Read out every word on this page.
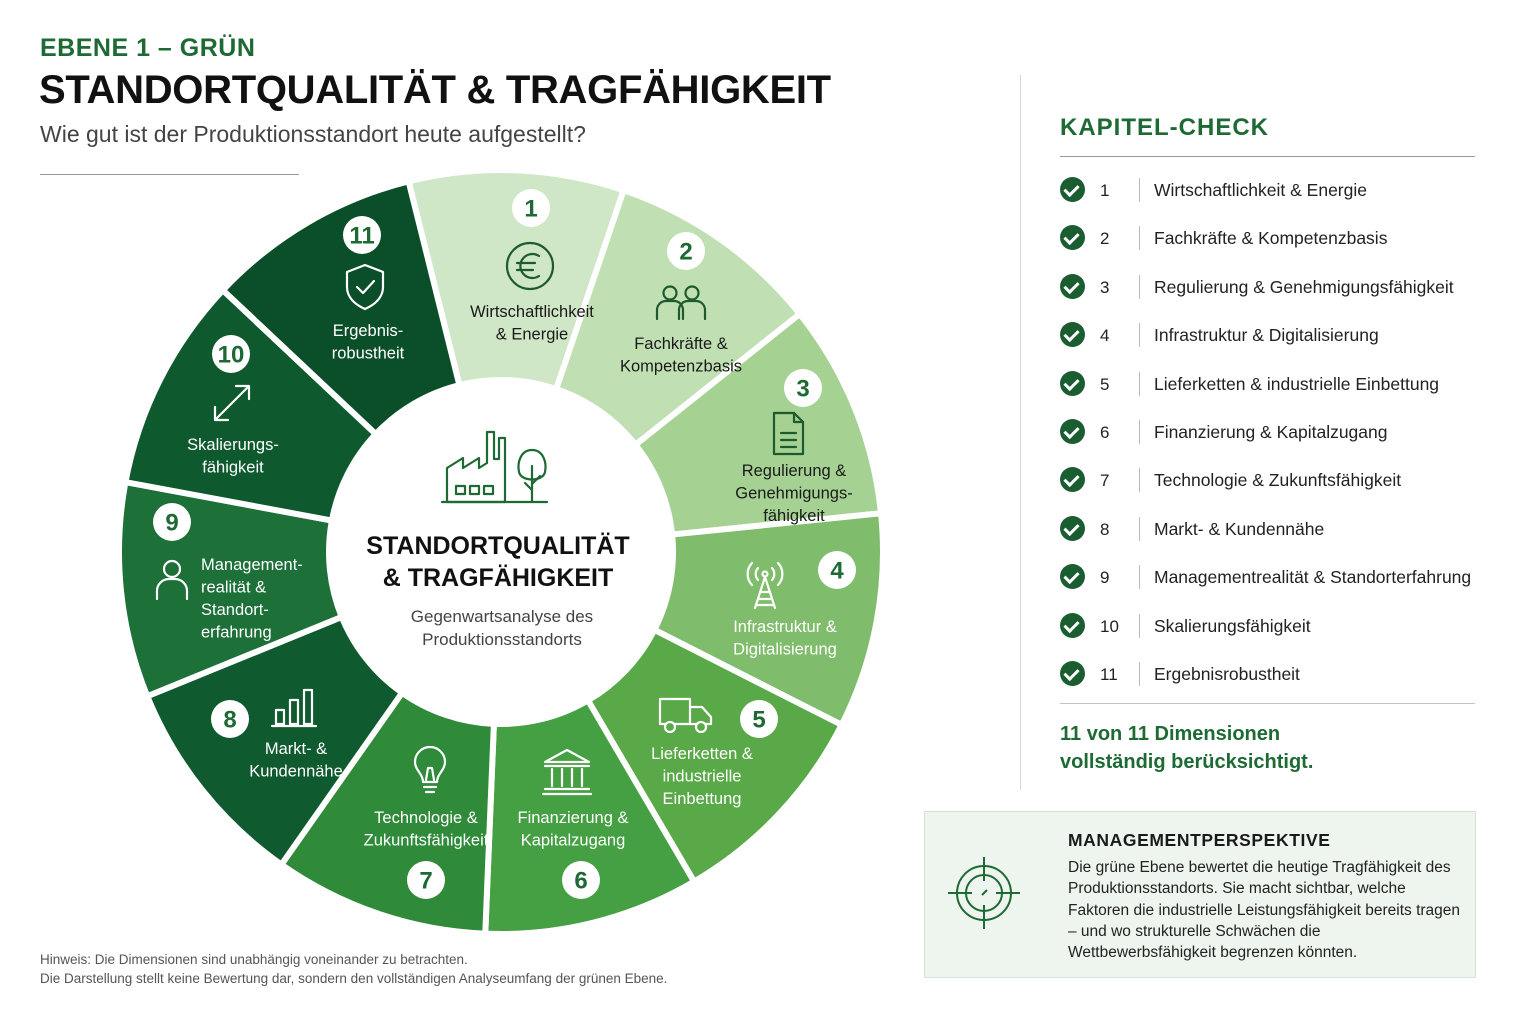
EBENE 1 – GRÜN
STANDORTQUALITÄT & TRAGFÄHIGKEIT
Wie gut ist der Produktionsstandort heute aufgestellt?
1
Wirtschaftlichkeit & Energie
2
Fachkräfte & Kompetenzbasis
3
Regulierung & Genehmigungs-fähigkeit
4
Infrastruktur & Digitalisierung
5
Lieferketten & industrielle Einbettung
6
Finanzierung & Kapitalzugang
7
Technologie & Zukunftsfähigkeit
8
Markt- & Kundennähe
9
Management-realität & Standort-erfahrung
10
Skalierungs-fähigkeit
11
Ergebnis-robustheit
STANDORTQUALITÄT
& TRAGFÄHIGKEIT
Gegenwartsanalyse des
Produktionsstandorts
Hinweis: Die Dimensionen sind unabhängig voneinander zu betrachten.
Die Darstellung stellt keine Bewertung dar, sondern den vollständigen Analyseumfang der grünen Ebene.
KAPITEL-CHECK
1	Wirtschaftlichkeit & Energie
2	Fachkräfte & Kompetenzbasis
3	Regulierung & Genehmigungsfähigkeit
4	Infrastruktur & Digitalisierung
5	Lieferketten & industrielle Einbettung
6	Finanzierung & Kapitalzugang
7	Technologie & Zukunftsfähigkeit
8	Markt- & Kundennähe
9	Managementrealität & Standorterfahrung
10	Skalierungsfähigkeit
11	Ergebnisrobustheit
11 von 11 Dimensionen
vollständig berücksichtigt.
MANAGEMENTPERSPEKTIVE
Die grüne Ebene bewertet die heutige Tragfähigkeit des Produktionsstandorts. Sie macht sichtbar, welche Faktoren die industrielle Leistungsfähigkeit bereits tragen – und wo strukturelle Schwächen die Wettbewerbsfähigkeit begrenzen könnten.
